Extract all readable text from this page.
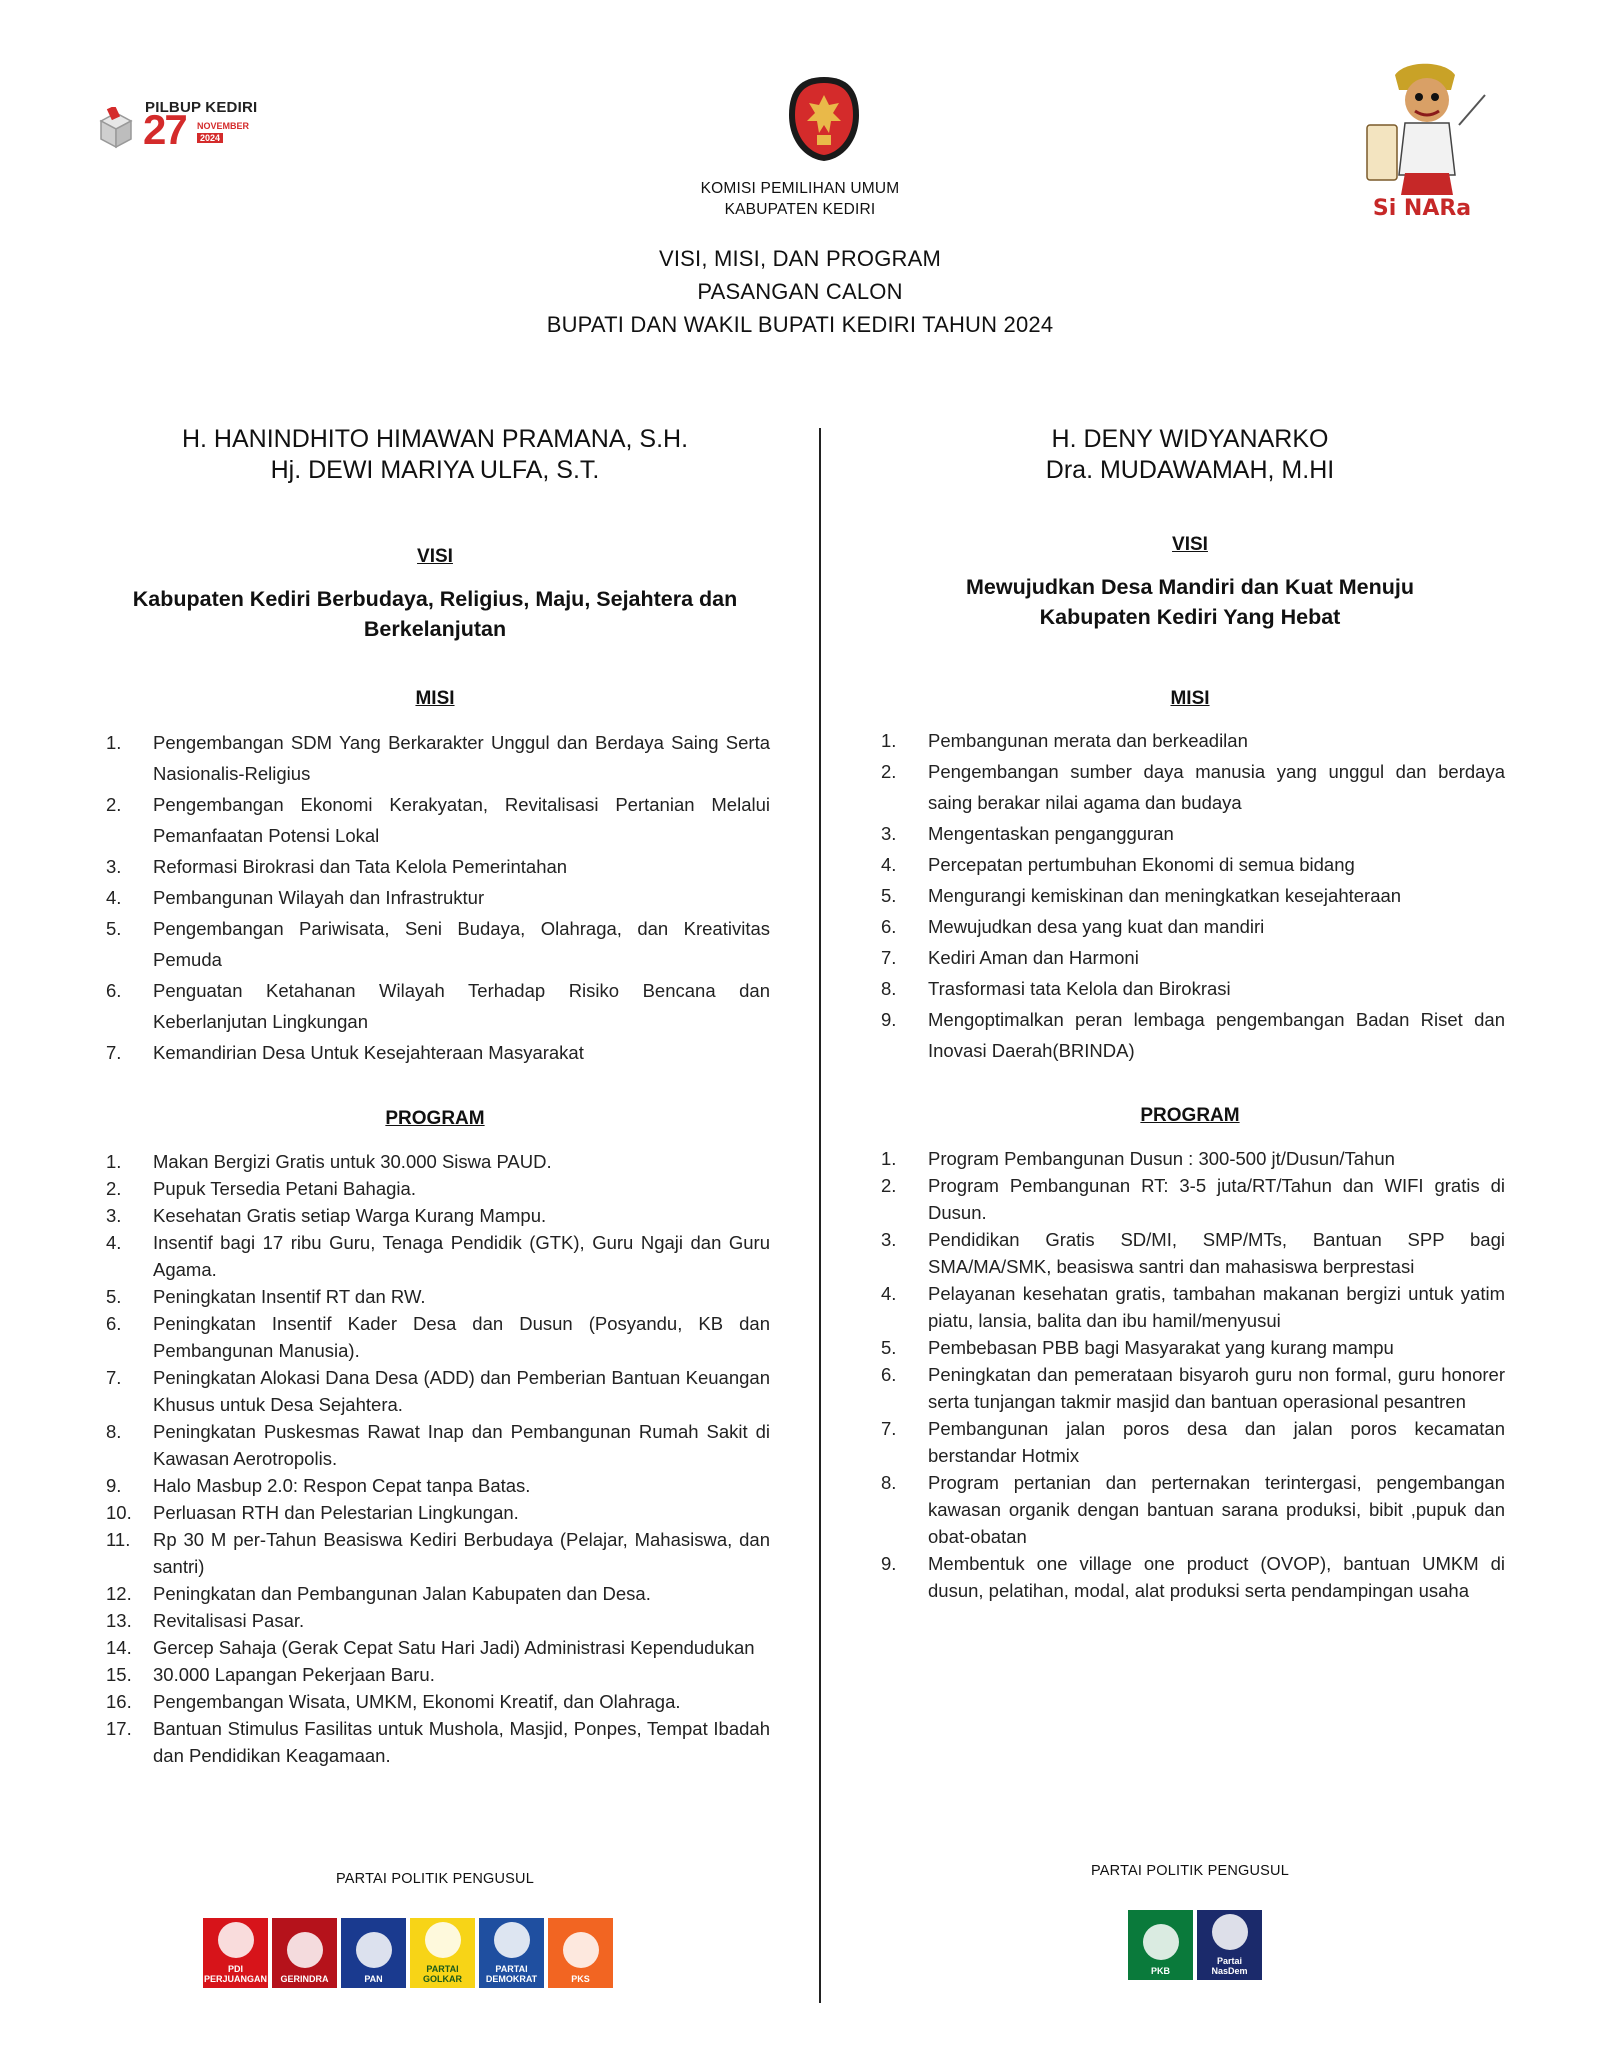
PILBUP KEDIRI
27 NOVEMBER
2024
Si NARa
KOMISI PEMILIHAN UMUM
KABUPATEN KEDIRI
VISI, MISI, DAN PROGRAM
PASANGAN CALON
BUPATI DAN WAKIL BUPATI KEDIRI TAHUN 2024
H. HANINDHITO HIMAWAN PRAMANA, S.H.
Hj. DEWI MARIYA ULFA, S.T.
VISI
Kabupaten Kediri Berbudaya, Religius, Maju, Sejahtera dan
Berkelanjutan
MISI
1. Pengembangan SDM Yang Berkarakter Unggul dan Berdaya Saing Serta Nasionalis-Religius
2. Pengembangan Ekonomi Kerakyatan, Revitalisasi Pertanian Melalui Pemanfaatan Potensi Lokal
3. Reformasi Birokrasi dan Tata Kelola Pemerintahan
4. Pembangunan Wilayah dan Infrastruktur
5. Pengembangan Pariwisata, Seni Budaya, Olahraga, dan Kreativitas Pemuda
6. Penguatan Ketahanan Wilayah Terhadap Risiko Bencana dan Keberlanjutan Lingkungan
7. Kemandirian Desa Untuk Kesejahteraan Masyarakat
PROGRAM
1. Makan Bergizi Gratis untuk 30.000 Siswa PAUD.
2. Pupuk Tersedia Petani Bahagia.
3. Kesehatan Gratis setiap Warga Kurang Mampu.
4. Insentif bagi 17 ribu Guru, Tenaga Pendidik (GTK), Guru Ngaji dan Guru Agama.
5. Peningkatan Insentif RT dan RW.
6. Peningkatan Insentif Kader Desa dan Dusun (Posyandu, KB dan Pembangunan Manusia).
7. Peningkatan Alokasi Dana Desa (ADD) dan Pemberian Bantuan Keuangan Khusus untuk Desa Sejahtera.
8. Peningkatan Puskesmas Rawat Inap dan Pembangunan Rumah Sakit di Kawasan Aerotropolis.
9. Halo Masbup 2.0: Respon Cepat tanpa Batas.
10. Perluasan RTH dan Pelestarian Lingkungan.
11. Rp 30 M per-Tahun Beasiswa Kediri Berbudaya (Pelajar, Mahasiswa, dan santri)
12. Peningkatan dan Pembangunan Jalan Kabupaten dan Desa.
13. Revitalisasi Pasar.
14. Gercep Sahaja (Gerak Cepat Satu Hari Jadi) Administrasi Kependudukan
15. 30.000 Lapangan Pekerjaan Baru.
16. Pengembangan Wisata, UMKM, Ekonomi Kreatif, dan Olahraga.
17. Bantuan Stimulus Fasilitas untuk Mushola, Masjid, Ponpes, Tempat Ibadah dan Pendidikan Keagamaan.
PARTAI POLITIK PENGUSUL
PDI PERJUANGAN GERINDRA	PAN
PARTAI GOLKAR
PARTAI DEMOKRAT	PKS
H. DENY WIDYANARKO
Dra. MUDAWAMAH, M.HI
VISI
Mewujudkan Desa Mandiri dan Kuat Menuju
Kabupaten Kediri Yang Hebat
MISI
1. Pembangunan merata dan berkeadilan
2. Pengembangan sumber daya manusia yang unggul dan berdaya saing berakar nilai agama dan budaya
3. Mengentaskan pengangguran
4. Percepatan pertumbuhan Ekonomi di semua bidang
5. Mengurangi kemiskinan dan meningkatkan kesejahteraan
6. Mewujudkan desa yang kuat dan mandiri
7. Kediri Aman dan Harmoni
8. Trasformasi tata Kelola dan Birokrasi
9. Mengoptimalkan peran lembaga pengembangan Badan Riset dan Inovasi Daerah(BRINDA)
PROGRAM
1. Program Pembangunan Dusun : 300-500 jt/Dusun/Tahun
2. Program Pembangunan RT: 3-5 juta/RT/Tahun dan WIFI gratis di Dusun.
3. Pendidikan Gratis SD/MI, SMP/MTs, Bantuan SPP bagi SMA/MA/SMK, beasiswa santri dan mahasiswa berprestasi
4. Pelayanan kesehatan gratis, tambahan makanan bergizi untuk yatim piatu, lansia, balita dan ibu hamil/menyusui
5. Pembebasan PBB bagi Masyarakat yang kurang mampu
6. Peningkatan dan pemerataan bisyaroh guru non formal, guru honorer serta tunjangan takmir masjid dan bantuan operasional pesantren
7. Pembangunan jalan poros desa dan jalan poros kecamatan berstandar Hotmix
8. Program pertanian dan perternakan terintergasi, pengembangan kawasan organik dengan bantuan sarana produksi, bibit ,pupuk dan obat-obatan
9. Membentuk one village one product (OVOP), bantuan UMKM di dusun, pelatihan, modal, alat produksi serta pendampingan usaha
PARTAI POLITIK PENGUSUL
PKB
Partai NasDem
